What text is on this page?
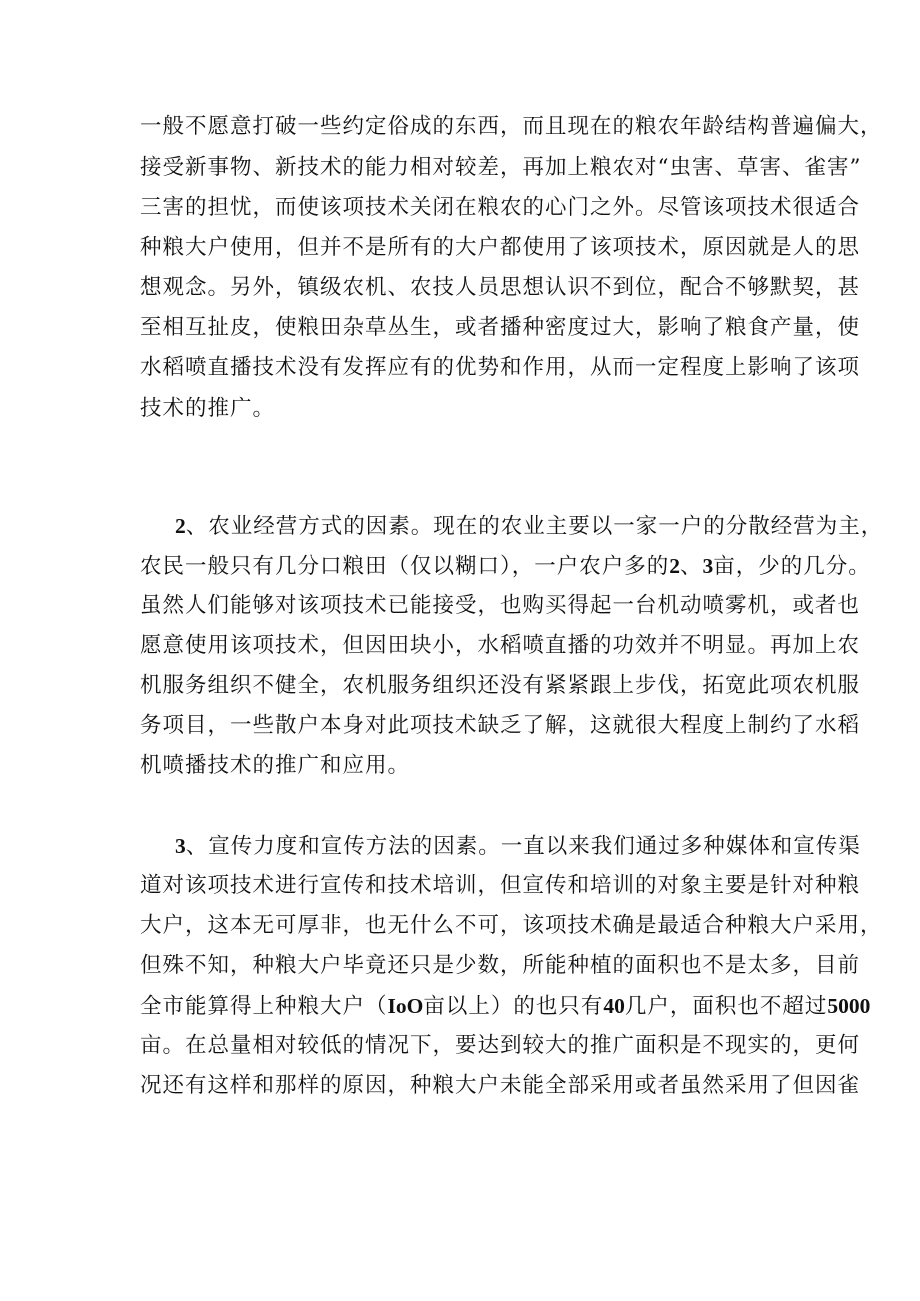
一般不愿意打破一些约定俗成的东西，而且现在的粮农年龄结构普遍偏大，
接受新事物、新技术的能力相对较差，再加上粮农对“虫害、草害、雀害”
三害的担忧，而使该项技术关闭在粮农的心门之外。尽管该项技术很适合
种粮大户使用，但并不是所有的大户都使用了该项技术，原因就是人的思
想观念。另外，镇级农机、农技人员思想认识不到位，配合不够默契，甚
至相互扯皮，使粮田杂草丛生，或者播种密度过大，影响了粮食产量，使
水稻喷直播技术没有发挥应有的优势和作用，从而一定程度上影响了该项
技术的推广。
2、农业经营方式的因素。现在的农业主要以一家一户的分散经营为主，
农民一般只有几分口粮田（仅以糊口），一户农户多的2、3亩，少的几分。
虽然人们能够对该项技术已能接受，也购买得起一台机动喷雾机，或者也
愿意使用该项技术，但因田块小，水稻喷直播的功效并不明显。再加上农
机服务组织不健全，农机服务组织还没有紧紧跟上步伐，拓宽此项农机服
务项目，一些散户本身对此项技术缺乏了解，这就很大程度上制约了水稻
机喷播技术的推广和应用。
3、宣传力度和宣传方法的因素。一直以来我们通过多种媒体和宣传渠
道对该项技术进行宣传和技术培训，但宣传和培训的对象主要是针对种粮
大户，这本无可厚非，也无什么不可，该项技术确是最适合种粮大户采用，
但殊不知，种粮大户毕竟还只是少数，所能种植的面积也不是太多，目前
全市能算得上种粮大户（IoO亩以上）的也只有40几户，面积也不超过5000
亩。在总量相对较低的情况下，要达到较大的推广面积是不现实的，更何
况还有这样和那样的原因，种粮大户未能全部采用或者虽然采用了但因雀
